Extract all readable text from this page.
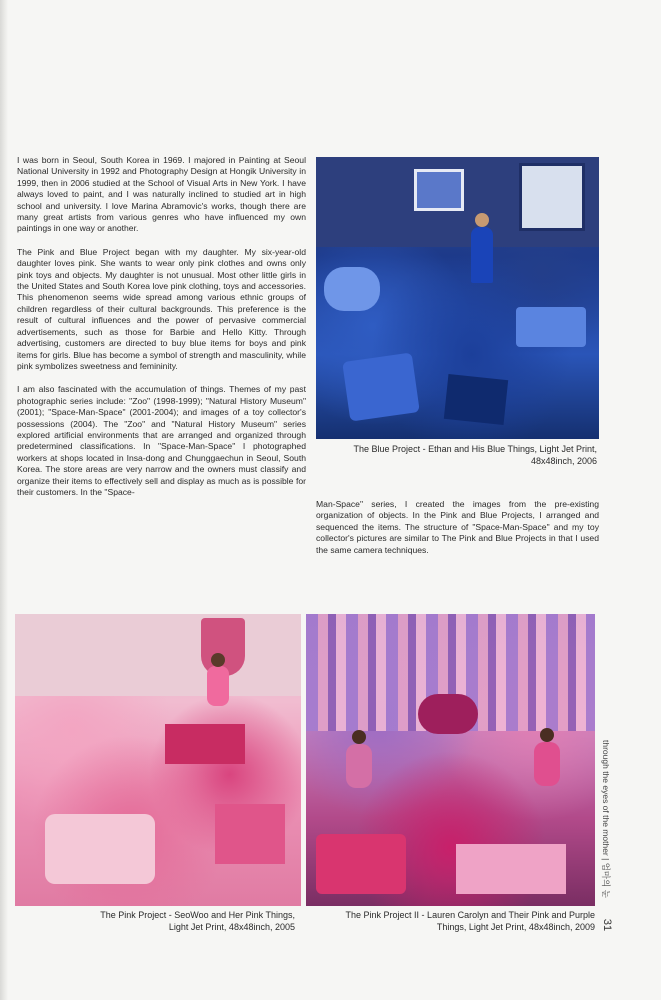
I was born in Seoul, South Korea in 1969. I majored in Painting at Seoul National University in 1992 and Photography Design at Hongik University in 1999, then in 2006 studied at the School of Visual Arts in New York. I have always loved to paint, and I was naturally inclined to studied art in high school and university. I love Marina Abramovic's works, though there are many great artists from various genres who have influenced my own paintings in one way or another.

The Pink and Blue Project began with my daughter. My six-year-old daughter loves pink. She wants to wear only pink clothes and owns only pink toys and objects. My daughter is not unusual. Most other little girls in the United States and South Korea love pink clothing, toys and accessories. This phenomenon seems wide spread among various ethnic groups of children regardless of their cultural backgrounds. This preference is the result of cultural influences and the power of pervasive commercial advertisements, such as those for Barbie and Hello Kitty. Through advertising, customers are directed to buy blue items for boys and pink items for girls. Blue has become a symbol of strength and masculinity, while pink symbolizes sweetness and femininity.

I am also fascinated with the accumulation of things. Themes of my past photographic series include: "Zoo" (1998-1999); "Natural History Museum" (2001); "Space-Man-Space" (2001-2004); and images of a toy collector's possessions (2004). The "Zoo" and "Natural History Museum" series explored artificial environments that are arranged and organized through predetermined classifications. In "Space-Man-Space" I photographed workers at shops located in Insa-dong and Chunggaechun in Seoul, South Korea. The store areas are very narrow and the owners must classify and organize their items to effectively sell and display as much as is possible for their customers. In the "Space-

The Blue Project - Ethan and His Blue Things, Light Jet Print,
48x48inch, 2006

Man-Space" series, I created the images from the pre-existing organization of objects. In the Pink and Blue Projects, I arranged and sequenced the items. The structure of "Space-Man-Space" and my toy collector's pictures are similar to The Pink and Blue Projects in that I used the same camera techniques.

The Pink Project - SeoWoo and Her Pink Things,
Light Jet Print, 48x48inch, 2005
The Pink Project II - Lauren Carolyn and Their Pink and Purple
Things, Light Jet Print, 48x48inch, 2009
through the eyes of the mother | 엄마의 눈
31
